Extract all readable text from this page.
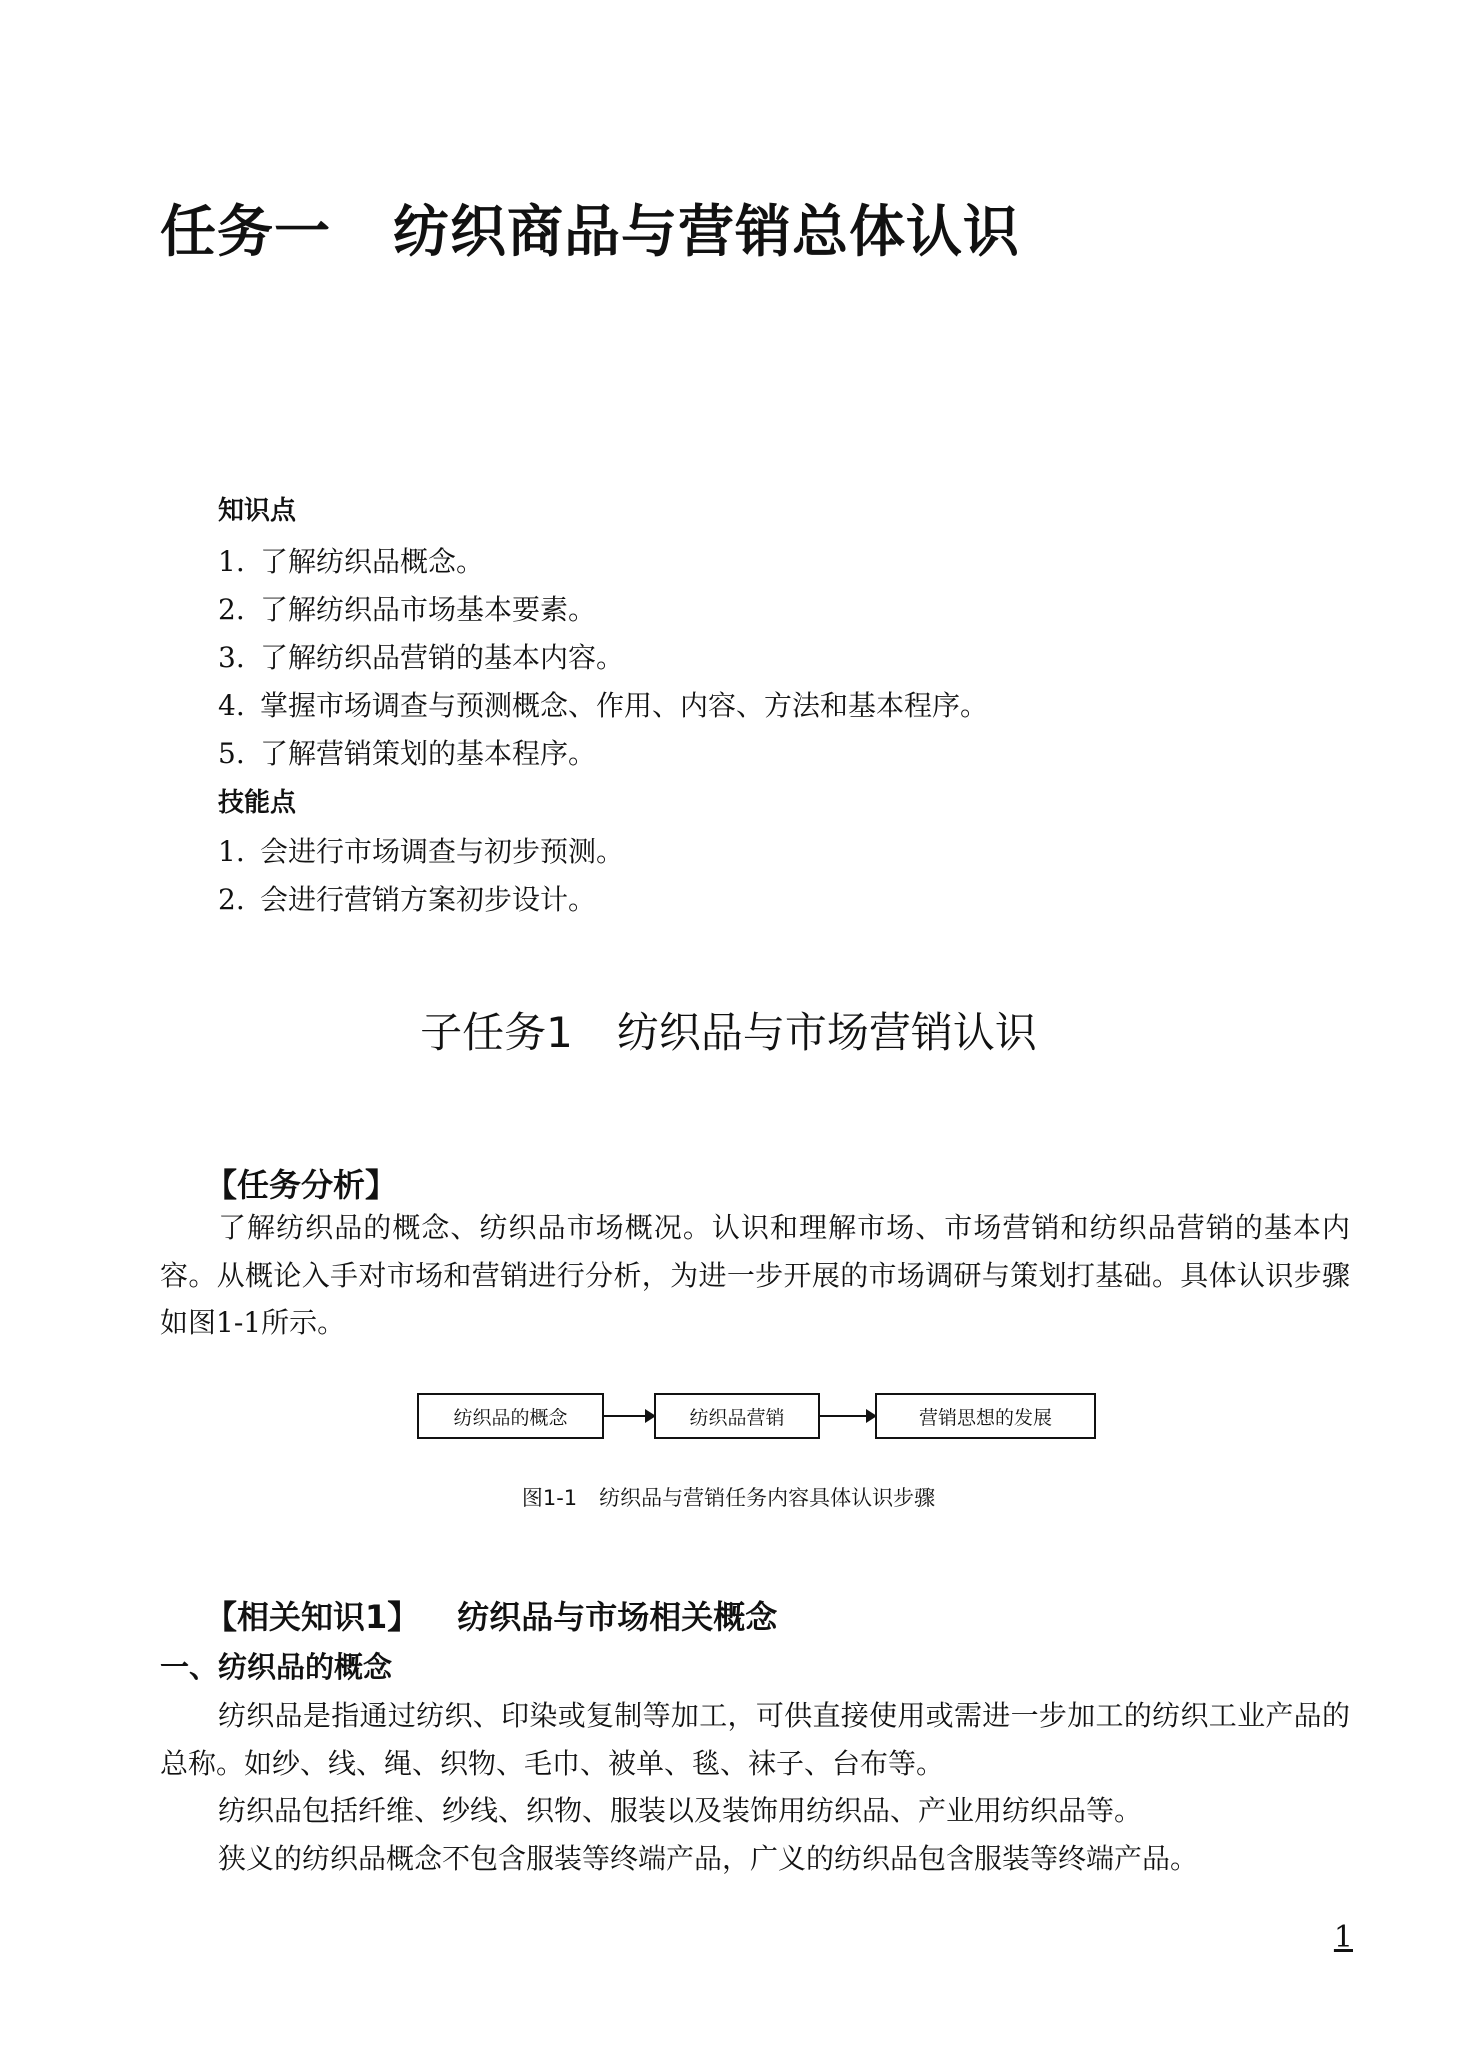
任务一 纺织商品与营销总体认识
知识点
1. 了解纺织品概念。
2. 了解纺织品市场基本要素。
3. 了解纺织品营销的基本内容。
4. 掌握市场调查与预测概念、作用、内容、方法和基本程序。
5. 了解营销策划的基本程序。
技能点
1. 会进行市场调查与初步预测。
2. 会进行营销方案初步设计。
子任务1 纺织品与市场营销认识
【任务分析】

了解纺织品的概念、纺织品市场概况。认识和理解市场、市场营销和纺织品营销的基本内容。从概论入手对市场和营销进行分析，为进一步开展的市场调研与策划打基础。具体认识步骤如图1-1所示。

纺织品的概念	纺织品营销	营销思想的发展
图1-1 纺织品与营销任务内容具体认识步骤
【相关知识1】 纺织品与市场相关概念
一、纺织品的概念

纺织品是指通过纺织、印染或复制等加工，可供直接使用或需进一步加工的纺织工业产品的总称。如纱、线、绳、织物、毛巾、被单、毯、袜子、台布等。

纺织品包括纤维、纱线、织物、服装以及装饰用纺织品、产业用纺织品等。

狭义的纺织品概念不包含服装等终端产品，广义的纺织品包含服装等终端产品。

1
